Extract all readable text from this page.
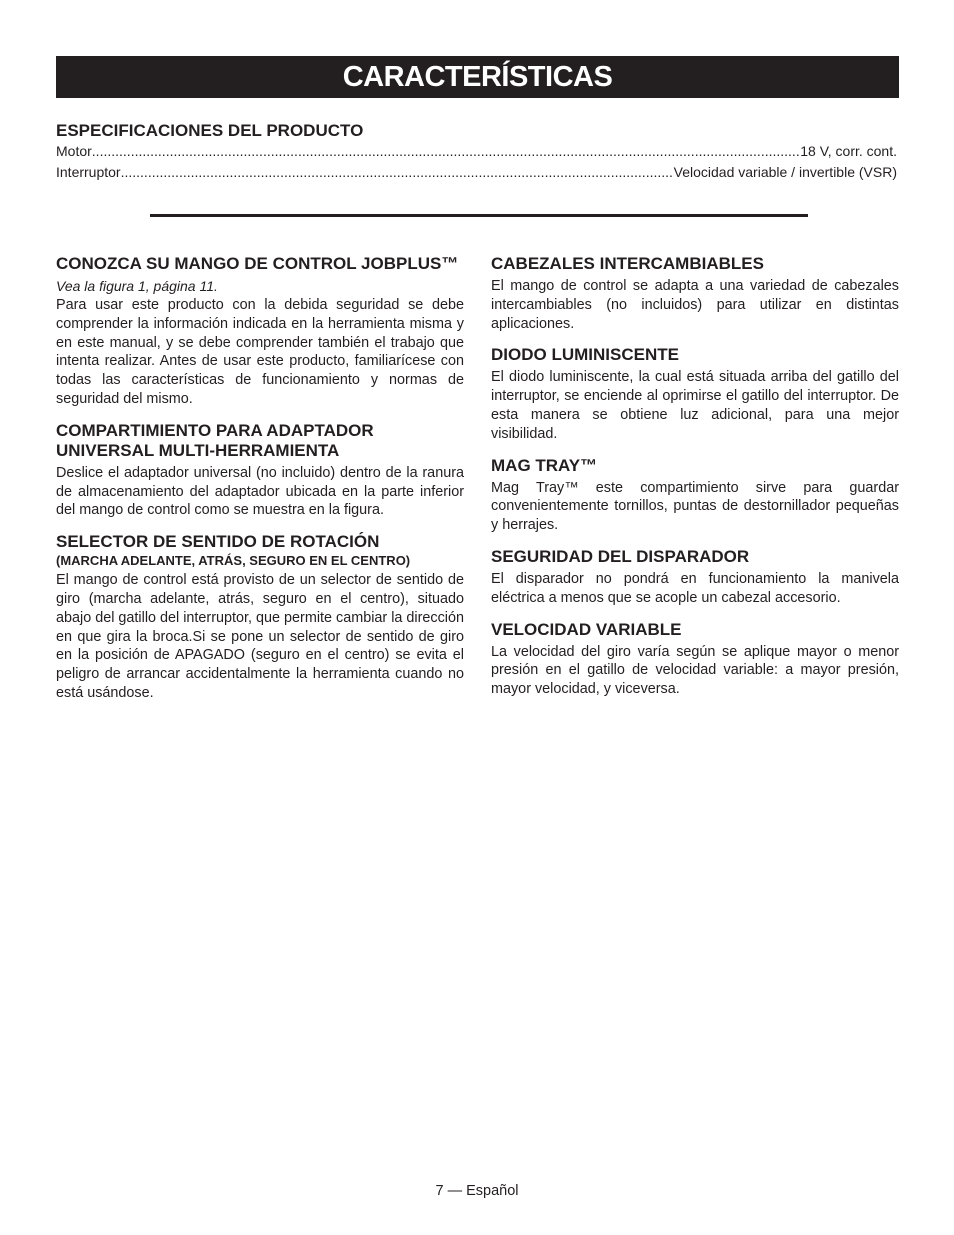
CARACTERÍSTICAS
ESPECIFICACIONES DEL PRODUCTO
Motor .....	18 V, corr. cont.
Interruptor .....	Velocidad variable / invertible (VSR)
CONOZCA SU MANGO DE CONTROL JOBPLUS™
Vea la figura 1, página 11.

Para usar este producto con la debida seguridad se debe comprender la información indicada en la herramienta misma y en este manual, y se debe comprender también el trabajo que intenta realizar. Antes de usar este producto, familiarícese con todas las características de funcionamiento y normas de seguridad del mismo.

COMPARTIMIENTO PARA ADAPTADOR UNIVERSAL MULTI-HERRAMIENTA

Deslice el adaptador universal (no incluido) dentro de la ranura de almacenamiento del adaptador ubicada en la parte inferior del mango de control como se muestra en la figura.

SELECTOR DE SENTIDO DE ROTACIÓN
(MARCHA ADELANTE, ATRÁS, SEGURO EN EL CENTRO)

El mango de control está provisto de un selector de sentido de giro (marcha adelante, atrás, seguro en el centro), situado abajo del gatillo del interruptor, que permite cambiar la dirección en que gira la broca.Si se pone un selector de sentido de giro en la posición de APAGADO (seguro en el centro) se evita el peligro de arrancar accidentalmente la herramienta cuando no está usándose.

CABEZALES INTERCAMBIABLES

El mango de control se adapta a una variedad de cabezales intercambiables (no incluidos) para utilizar en distintas aplicaciones.

DIODO LUMINISCENTE

El diodo luminiscente, la cual está situada arriba del gatillo del interruptor, se enciende al oprimirse el gatillo del interruptor. De esta manera se obtiene luz adicional, para una mejor visibilidad.

MAG TRAY™

Mag Tray™ este compartimiento sirve para guardar convenientemente tornillos, puntas de destornillador pequeñas y herrajes.

SEGURIDAD DEL DISPARADOR

El disparador no pondrá en funcionamiento la manivela eléctrica a menos que se acople un cabezal accesorio.

VELOCIDAD VARIABLE

La velocidad del giro varía según se aplique mayor o menor presión en el gatillo de velocidad variable: a mayor presión, mayor velocidad, y viceversa.

7 — Español
